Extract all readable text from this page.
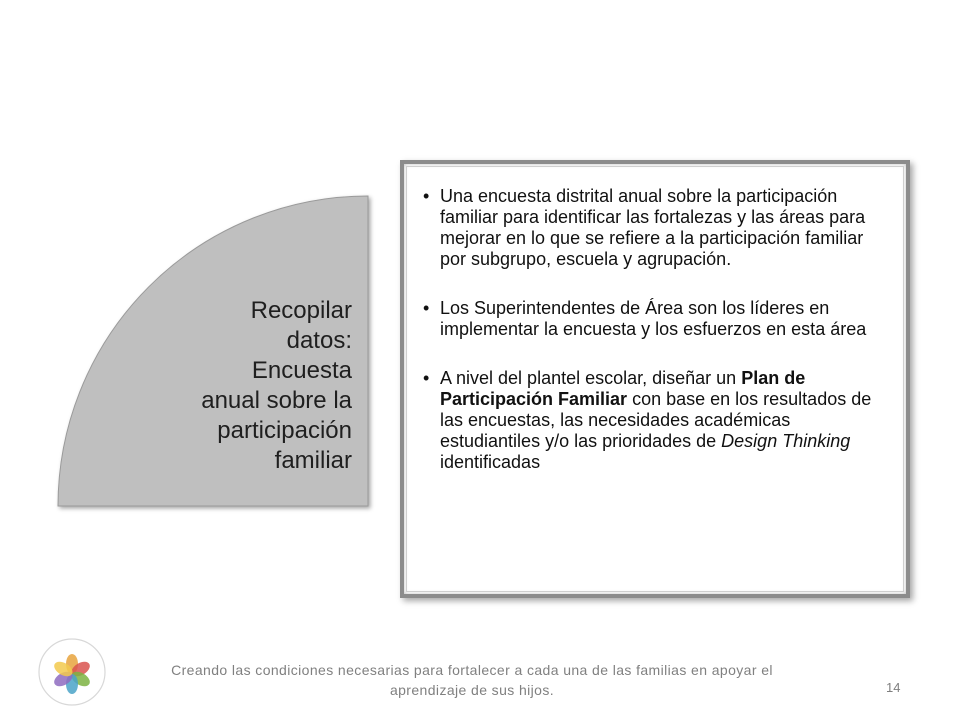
Recopilar
datos:
Encuesta
anual sobre la
participación
familiar
• Una encuesta distrital anual sobre la participación familiar para identificar las fortalezas y las áreas para mejorar en lo que se refiere a la participación familiar por subgrupo, escuela y agrupación.
• Los Superintendentes de Área son los líderes en implementar la encuesta y los esfuerzos en esta área
• A nivel del plantel escolar, diseñar un Plan de Participación Familiar con base en los resultados de las encuestas, las necesidades académicas estudiantiles y/o las prioridades de Design Thinking identificadas
Creando las condiciones necesarias para fortalecer a cada una de las familias en apoyar el
aprendizaje de sus hijos.	14
